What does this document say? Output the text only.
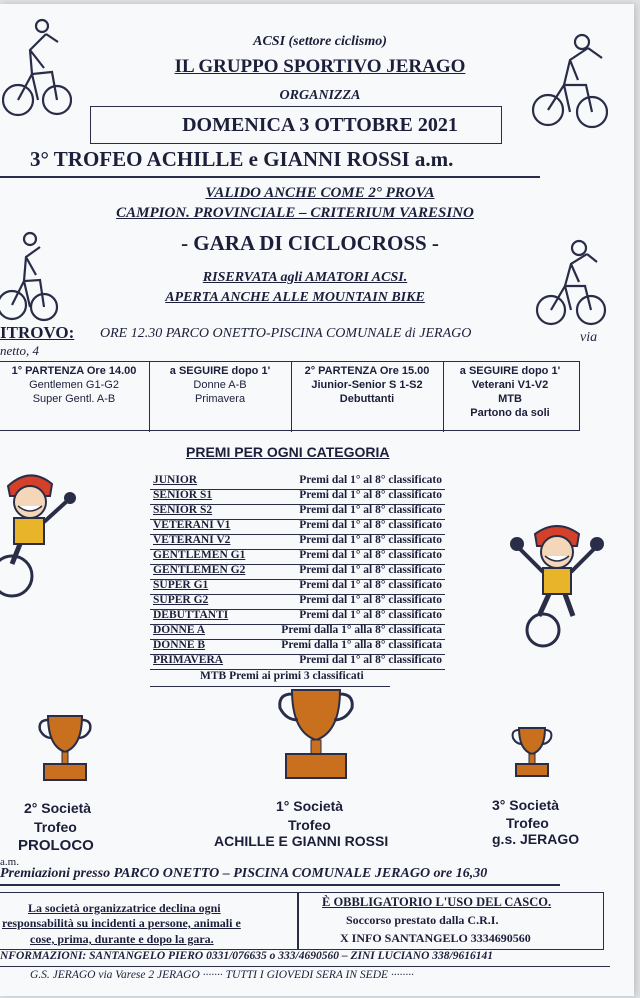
ACSI (settore ciclismo)
IL GRUPPO SPORTIVO JERAGO
ORGANIZZA
DOMENICA 3 OTTOBRE 2021
3° TROFEO ACHILLE e GIANNI ROSSI a.m.
VALIDO ANCHE COME 2° PROVA
CAMPION. PROVINCIALE – CRITERIUM VARESINO
- GARA DI CICLOCROSS -
RISERVATA agli AMATORI ACSI.
APERTA ANCHE ALLE MOUNTAIN BIKE
ITROVO: ORE 12.30 PARCO ONETTO-PISCINA COMUNALE di JERAGO	via
netto, 4
1° PARTENZA Ore 14.00
Gentlemen G1-G2
Super Gentl. A-B
a SEGUIRE dopo 1'
Donne A-B
Primavera
2° PARTENZA Ore 15.00
Jiunior-Senior S 1-S2
Debuttanti
a SEGUIRE dopo 1'
Veterani V1-V2
MTB
Partono da soli
PREMI PER OGNI CATEGORIA
JUNIOR	Premi dal 1° al 8° classificato
SENIOR S1	Premi dal 1° al 8° classificato
SENIOR S2	Premi dal 1° al 8° classificato
VETERANI V1	Premi dal 1° al 8° classificato
VETERANI V2	Premi dal 1° al 8° classificato
GENTLEMEN G1	Premi dal 1° al 8° classificato
GENTLEMEN G2	Premi dal 1° al 8° classificato
SUPER G1	Premi dal 1° al 8° classificato
SUPER G2	Premi dal 1° al 8° classificato
DEBUTTANTI	Premi dal 1° al 8° classificato
DONNE A	Premi dalla 1° alla 8° classificata
DONNE B	Premi dalla 1° alla 8° classificata
PRIMAVERA	Premi dal 1° al 8° classificato
MTB Premi ai primi 3 classificati
2° Società
Trofeo
PROLOCO
1° Società
Trofeo
ACHILLE E GIANNI ROSSI
3° Società
Trofeo
g.s. JERAGO
a.m.
Premiazioni presso PARCO ONETTO – PISCINA COMUNALE JERAGO ore 16,30
La società organizzatrice declina ogni
responsabilità su incidenti a persone, animali e
cose, prima, durante e dopo la gara.
È OBBLIGATORIO L'USO DEL CASCO.
Soccorso prestato dalla C.R.I.
X INFO SANTANGELO 3334690560
NFORMAZIONI: SANTANGELO PIERO 0331/076635 o 333/4690560 – ZINI LUCIANO 338/9616141
G.S. JERAGO via Varese 2 JERAGO ······· TUTTI I GIOVEDI SERA IN SEDE ········
